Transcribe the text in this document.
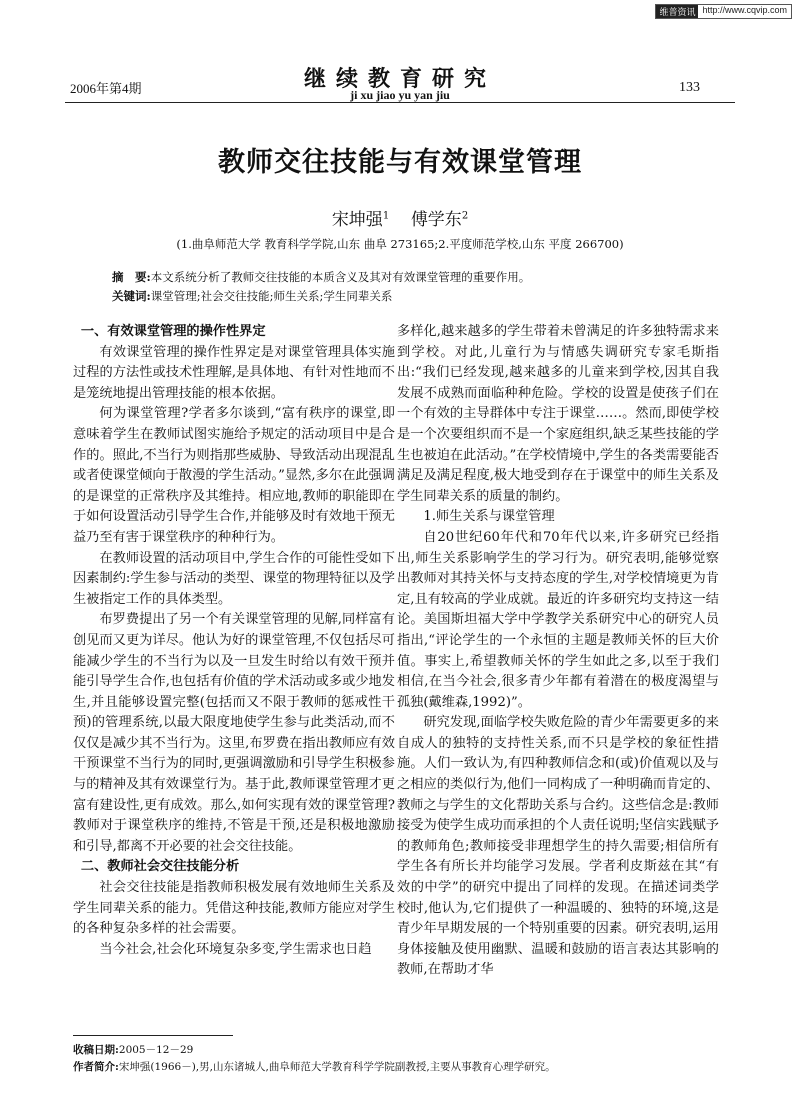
维普资讯 http://www.cqvip.com
2006年第4期	继续教育研究
ji xu jiao yu yan jiu	133
教师交往技能与有效课堂管理
宋坤强$^1$ 傅学东$^2$
(1.曲阜师范大学 教育科学学院,山东 曲阜 273165;2.平度师范学校,山东 平度 266700)
摘　要:本文系统分析了教师交往技能的本质含义及其对有效课堂管理的重要作用。
关键词:课堂管理;社会交往技能;师生关系;学生同辈关系
一、有效课堂管理的操作性界定

有效课堂管理的操作性界定是对课堂管理具体实施过程的方法性或技术性理解,是具体地、有针对性地而不是笼统地提出管理技能的根本依据。

何为课堂管理?学者多尔谈到,“富有秩序的课堂,即意味着学生在教师试图实施给予规定的活动项目中是合作的。照此,不当行为则指那些威胁、导致活动出现混乱或者使课堂倾向于散漫的学生活动。”显然,多尔在此强调的是课堂的正常秩序及其维持。相应地,教师的职能即在于如何设置活动引导学生合作,并能够及时有效地干预无益乃至有害于课堂秩序的种种行为。

在教师设置的活动项目中,学生合作的可能性受如下因素制约:学生参与活动的类型、课堂的物理特征以及学生被指定工作的具体类型。

布罗费提出了另一个有关课堂管理的见解,同样富有创见而又更为详尽。他认为好的课堂管理,不仅包括尽可能减少学生的不当行为以及一旦发生时给以有效干预并能引导学生合作,也包括有价值的学术活动或多或少地发生,并且能够设置完整(包括而又不限于教师的惩戒性干预)的管理系统,以最大限度地使学生参与此类活动,而不仅仅是减少其不当行为。这里,布罗费在指出教师应有效干预课堂不当行为的同时,更强调激励和引导学生积极参与的精神及其有效课堂行为。基于此,教师课堂管理才更富有建设性,更有成效。那么,如何实现有效的课堂管理?教师对于课堂秩序的维持,不管是干预,还是积极地激励和引导,都离不开必要的社会交往技能。

二、教师社会交往技能分析

社会交往技能是指教师积极发展有效地师生关系及学生同辈关系的能力。凭借这种技能,教师方能应对学生的各种复杂多样的社会需要。

当今社会,社会化环境复杂多变,学生需求也日趋

多样化,越来越多的学生带着未曾满足的许多独特需求来到学校。对此,儿童行为与情感失调研究专家毛斯指出:“我们已经发现,越来越多的儿童来到学校,因其自我发展不成熟而面临种种危险。学校的设置是使孩子们在一个有效的主导群体中专注于课堂……。然而,即使学校是一个次要组织而不是一个家庭组织,缺乏某些技能的学生也被迫在此活动。”在学校情境中,学生的各类需要能否满足及满足程度,极大地受到存在于课堂中的师生关系及学生同辈关系的质量的制约。

1.师生关系与课堂管理

自20世纪60年代和70年代以来,许多研究已经指出,师生关系影响学生的学习行为。研究表明,能够觉察出教师对其持关怀与支持态度的学生,对学校情境更为肯定,且有较高的学业成就。最近的许多研究均支持这一结论。美国斯坦福大学中学教学关系研究中心的研究人员指出,“评论学生的一个永恒的主题是教师关怀的巨大价值。事实上,希望教师关怀的学生如此之多,以至于我们相信,在当今社会,很多青少年都有着潜在的极度渴望与孤独(戴维森,1992)”。

研究发现,面临学校失败危险的青少年需要更多的来自成人的独特的支持性关系,而不只是学校的象征性措施。人们一致认为,有四种教师信念和(或)价值观以及与之相应的类似行为,他们一同构成了一种明确而肯定的、教师之与学生的文化帮助关系与合约。这些信念是:教师接受为使学生成功而承担的个人责任说明;坚信实践赋予的教师角色;教师接受非理想学生的持久需要;相信所有学生各有所长并均能学习发展。学者利皮斯兹在其“有效的中学”的研究中提出了同样的发现。在描述词类学校时,他认为,它们提供了一种温暖的、独特的环境,这是青少年早期发展的一个特别重要的因素。研究表明,运用身体接触及使用幽默、温暖和鼓励的语言表达其影响的教师,在帮助才华

收稿日期:2005－12－29
作者简介:宋坤强(1966－),男,山东诸城人,曲阜师范大学教育科学学院副教授,主要从事教育心理学研究。
